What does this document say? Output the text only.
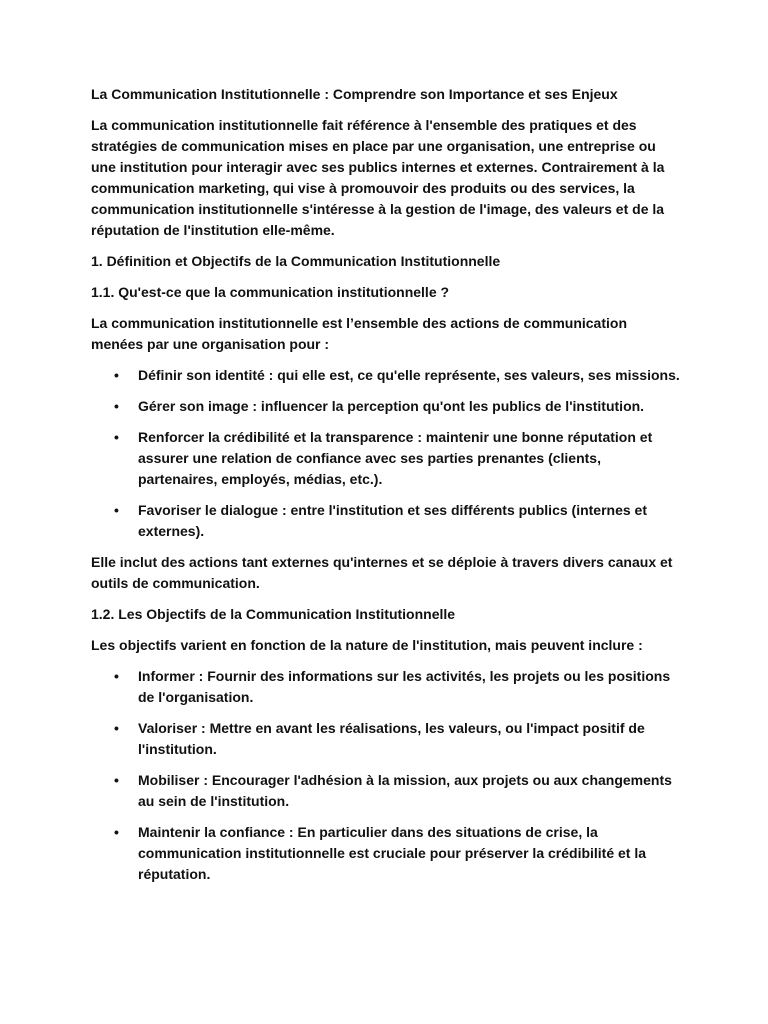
La Communication Institutionnelle : Comprendre son Importance et ses Enjeux

La communication institutionnelle fait référence à l'ensemble des pratiques et des stratégies de communication mises en place par une organisation, une entreprise ou une institution pour interagir avec ses publics internes et externes. Contrairement à la communication marketing, qui vise à promouvoir des produits ou des services, la communication institutionnelle s'intéresse à la gestion de l'image, des valeurs et de la réputation de l'institution elle-même.

1. Définition et Objectifs de la Communication Institutionnelle

1.1. Qu'est-ce que la communication institutionnelle ?

La communication institutionnelle est l’ensemble des actions de communication menées par une organisation pour :

• Définir son identité : qui elle est, ce qu'elle représente, ses valeurs, ses missions.
• Gérer son image : influencer la perception qu'ont les publics de l'institution.
• Renforcer la crédibilité et la transparence : maintenir une bonne réputation et assurer une relation de confiance avec ses parties prenantes (clients, partenaires, employés, médias, etc.).
• Favoriser le dialogue : entre l'institution et ses différents publics (internes et externes).

Elle inclut des actions tant externes qu'internes et se déploie à travers divers canaux et outils de communication.

1.2. Les Objectifs de la Communication Institutionnelle

Les objectifs varient en fonction de la nature de l'institution, mais peuvent inclure :

• Informer : Fournir des informations sur les activités, les projets ou les positions de l'organisation.
• Valoriser : Mettre en avant les réalisations, les valeurs, ou l'impact positif de l'institution.
• Mobiliser : Encourager l'adhésion à la mission, aux projets ou aux changements au sein de l'institution.
• Maintenir la confiance : En particulier dans des situations de crise, la communication institutionnelle est cruciale pour préserver la crédibilité et la réputation.
